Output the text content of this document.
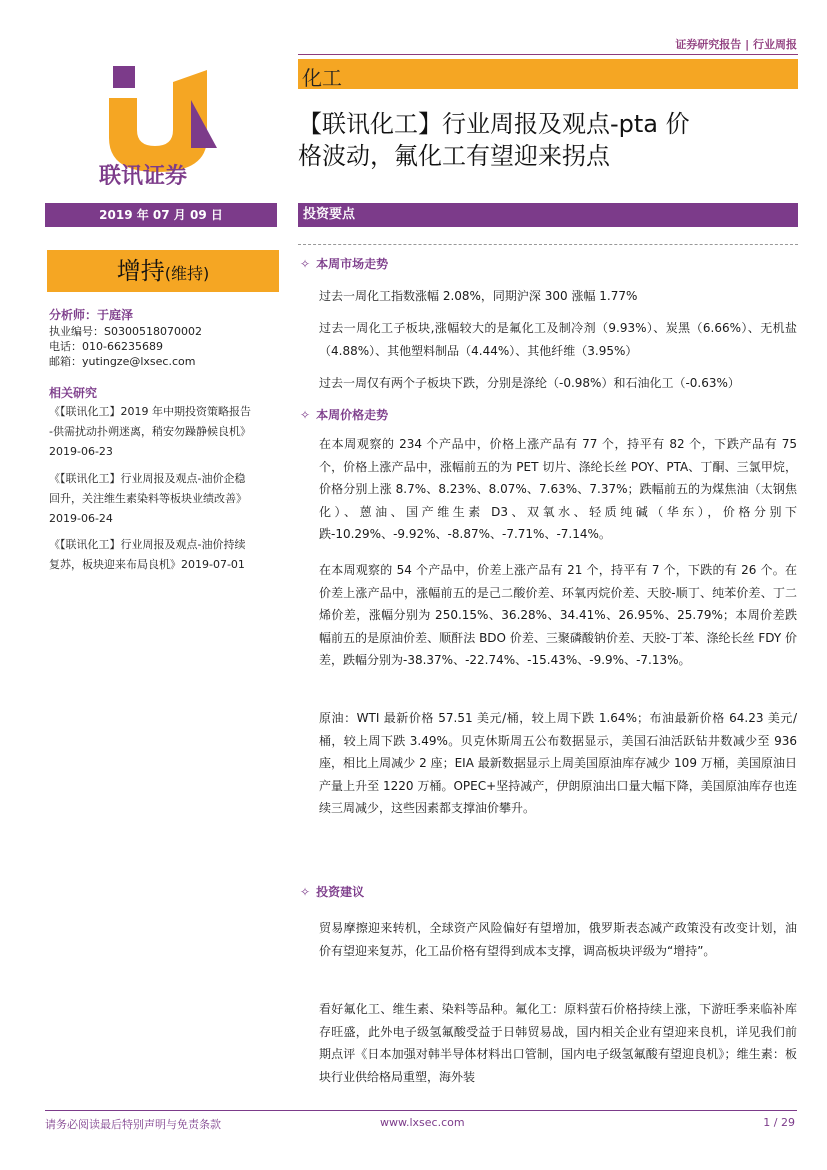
证券研究报告 | 行业周报
化工
【联讯化工】行业周报及观点-pta 价
格波动，氟化工有望迎来拐点
联讯证券
2019 年 07 月 09 日
增持(维持)
分析师：于庭泽
执业编号：S0300518070002
电话：010-66235689
邮箱：yutingze@lxsec.com
相关研究
《【联讯化工】2019 年中期投资策略报告
-供需扰动扑朔迷离，稍安勿躁静候良机》
2019-06-23
《【联讯化工】行业周报及观点-油价企稳
回升，关注维生素染料等板块业绩改善》
2019-06-24
《【联讯化工】行业周报及观点-油价持续
复苏，板块迎来布局良机》2019-07-01
投资要点
✧ 本周市场走势
过去一周化工指数涨幅 2.08%，同期沪深 300 涨幅 1.77%
过去一周化工子板块,涨幅较大的是氟化工及制冷剂（9.93%）、炭黑（6.66%）、无机盐（4.88%）、其他塑料制品（4.44%）、其他纤维（3.95%）
过去一周仅有两个子板块下跌，分别是涤纶（-0.98%）和石油化工（-0.63%）
✧ 本周价格走势
在本周观察的 234 个产品中，价格上涨产品有 77 个，持平有 82 个，下跌产品有 75 个，价格上涨产品中，涨幅前五的为 PET 切片、涤纶长丝 POY、PTA、丁酮、三氯甲烷，价格分别上涨 8.7%、8.23%、8.07%、7.63%、7.37%；跌幅前五的为煤焦油（太钢焦化）、蒽油、国产维生素 D3、双氧水、轻质纯碱（华东），价格分别下跌-10.29%、-9.92%、-8.87%、-7.71%、-7.14%。
在本周观察的 54 个产品中，价差上涨产品有 21 个，持平有 7 个，下跌的有 26 个。在价差上涨产品中，涨幅前五的是己二酸价差、环氧丙烷价差、天胶-顺丁、纯苯价差、丁二烯价差，涨幅分别为 250.15%、36.28%、34.41%、26.95%、25.79%；本周价差跌幅前五的是原油价差、顺酐法 BDO 价差、三聚磷酸钠价差、天胶-丁苯、涤纶长丝 FDY 价差，跌幅分别为-38.37%、-22.74%、-15.43%、-9.9%、-7.13%。
原油：WTI 最新价格 57.51 美元/桶，较上周下跌 1.64%；布油最新价格 64.23 美元/桶，较上周下跌 3.49%。贝克休斯周五公布数据显示，美国石油活跃钻井数减少至 936 座，相比上周减少 2 座；EIA 最新数据显示上周美国原油库存减少 109 万桶，美国原油日产量上升至 1220 万桶。OPEC+坚持减产，伊朗原油出口量大幅下降，美国原油库存也连续三周减少，这些因素都支撑油价攀升。
✧ 投资建议
贸易摩擦迎来转机，全球资产风险偏好有望增加，俄罗斯表态减产政策没有改变计划，油价有望迎来复苏，化工品价格有望得到成本支撑，调高板块评级为“增持”。
看好氟化工、维生素、染料等品种。氟化工：原料萤石价格持续上涨，下游旺季来临补库存旺盛，此外电子级氢氟酸受益于日韩贸易战，国内相关企业有望迎来良机，详见我们前期点评《日本加强对韩半导体材料出口管制，国内电子级氢氟酸有望迎良机》；维生素：板块行业供给格局重塑，海外装
请务必阅读最后特别声明与免责条款	www.lxsec.com	1 / 29
